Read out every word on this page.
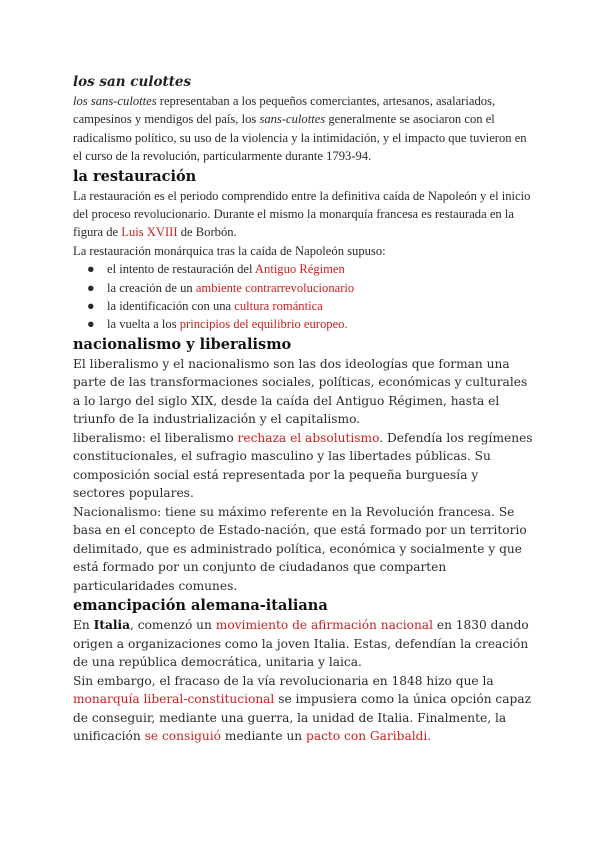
los san culottes

los sans-culottes representaban a los pequeños comerciantes, artesanos, asalariados, campesinos y mendigos del país, los sans-culottes generalmente se asociaron con el radicalismo político, su uso de la violencia y la intimidación, y el impacto que tuvieron en el curso de la revolución, particularmente durante 1793-94.

la restauración

La restauración es el periodo comprendido entre la definitiva caída de Napoleón y el inicio del proceso revolucionario. Durante el mismo la monarquía francesa es restaurada en la figura de Luis XVIII de Borbón.

La restauración monárquica tras la caída de Napoleón supuso:

● el intento de restauración del Antiguo Régimen
● la creación de un ambiente contrarrevolucionario
● la identificación con una cultura romántica
● la vuelta a los principios del equilibrio europeo.
nacionalismo y liberalismo

El liberalismo y el nacionalismo son las dos ideologías que forman una parte de las transformaciones sociales, políticas, económicas y culturales a lo largo del siglo XIX, desde la caída del Antiguo Régimen, hasta el triunfo de la industrialización y el capitalismo.

liberalismo: el liberalismo rechaza el absolutismo. Defendía los regímenes constitucionales, el sufragio masculino y las libertades públicas. Su composición social está representada por la pequeña burguesía y sectores populares.

Nacionalismo: tiene su máximo referente en la Revolución francesa. Se basa en el concepto de Estado-nación, que está formado por un territorio delimitado, que es administrado política, económica y socialmente y que está formado por un conjunto de ciudadanos que comparten particularidades comunes.

emancipación alemana-italiana

En Italia, comenzó un movimiento de afirmación nacional en 1830 dando origen a organizaciones como la joven Italia. Estas, defendían la creación de una república democrática, unitaria y laica.

Sin embargo, el fracaso de la vía revolucionaria en 1848 hizo que la monarquía liberal-constitucional se impusiera como la única opción capaz de conseguir, mediante una guerra, la unidad de Italia. Finalmente, la unificación se consiguió mediante un pacto con Garibaldi.
